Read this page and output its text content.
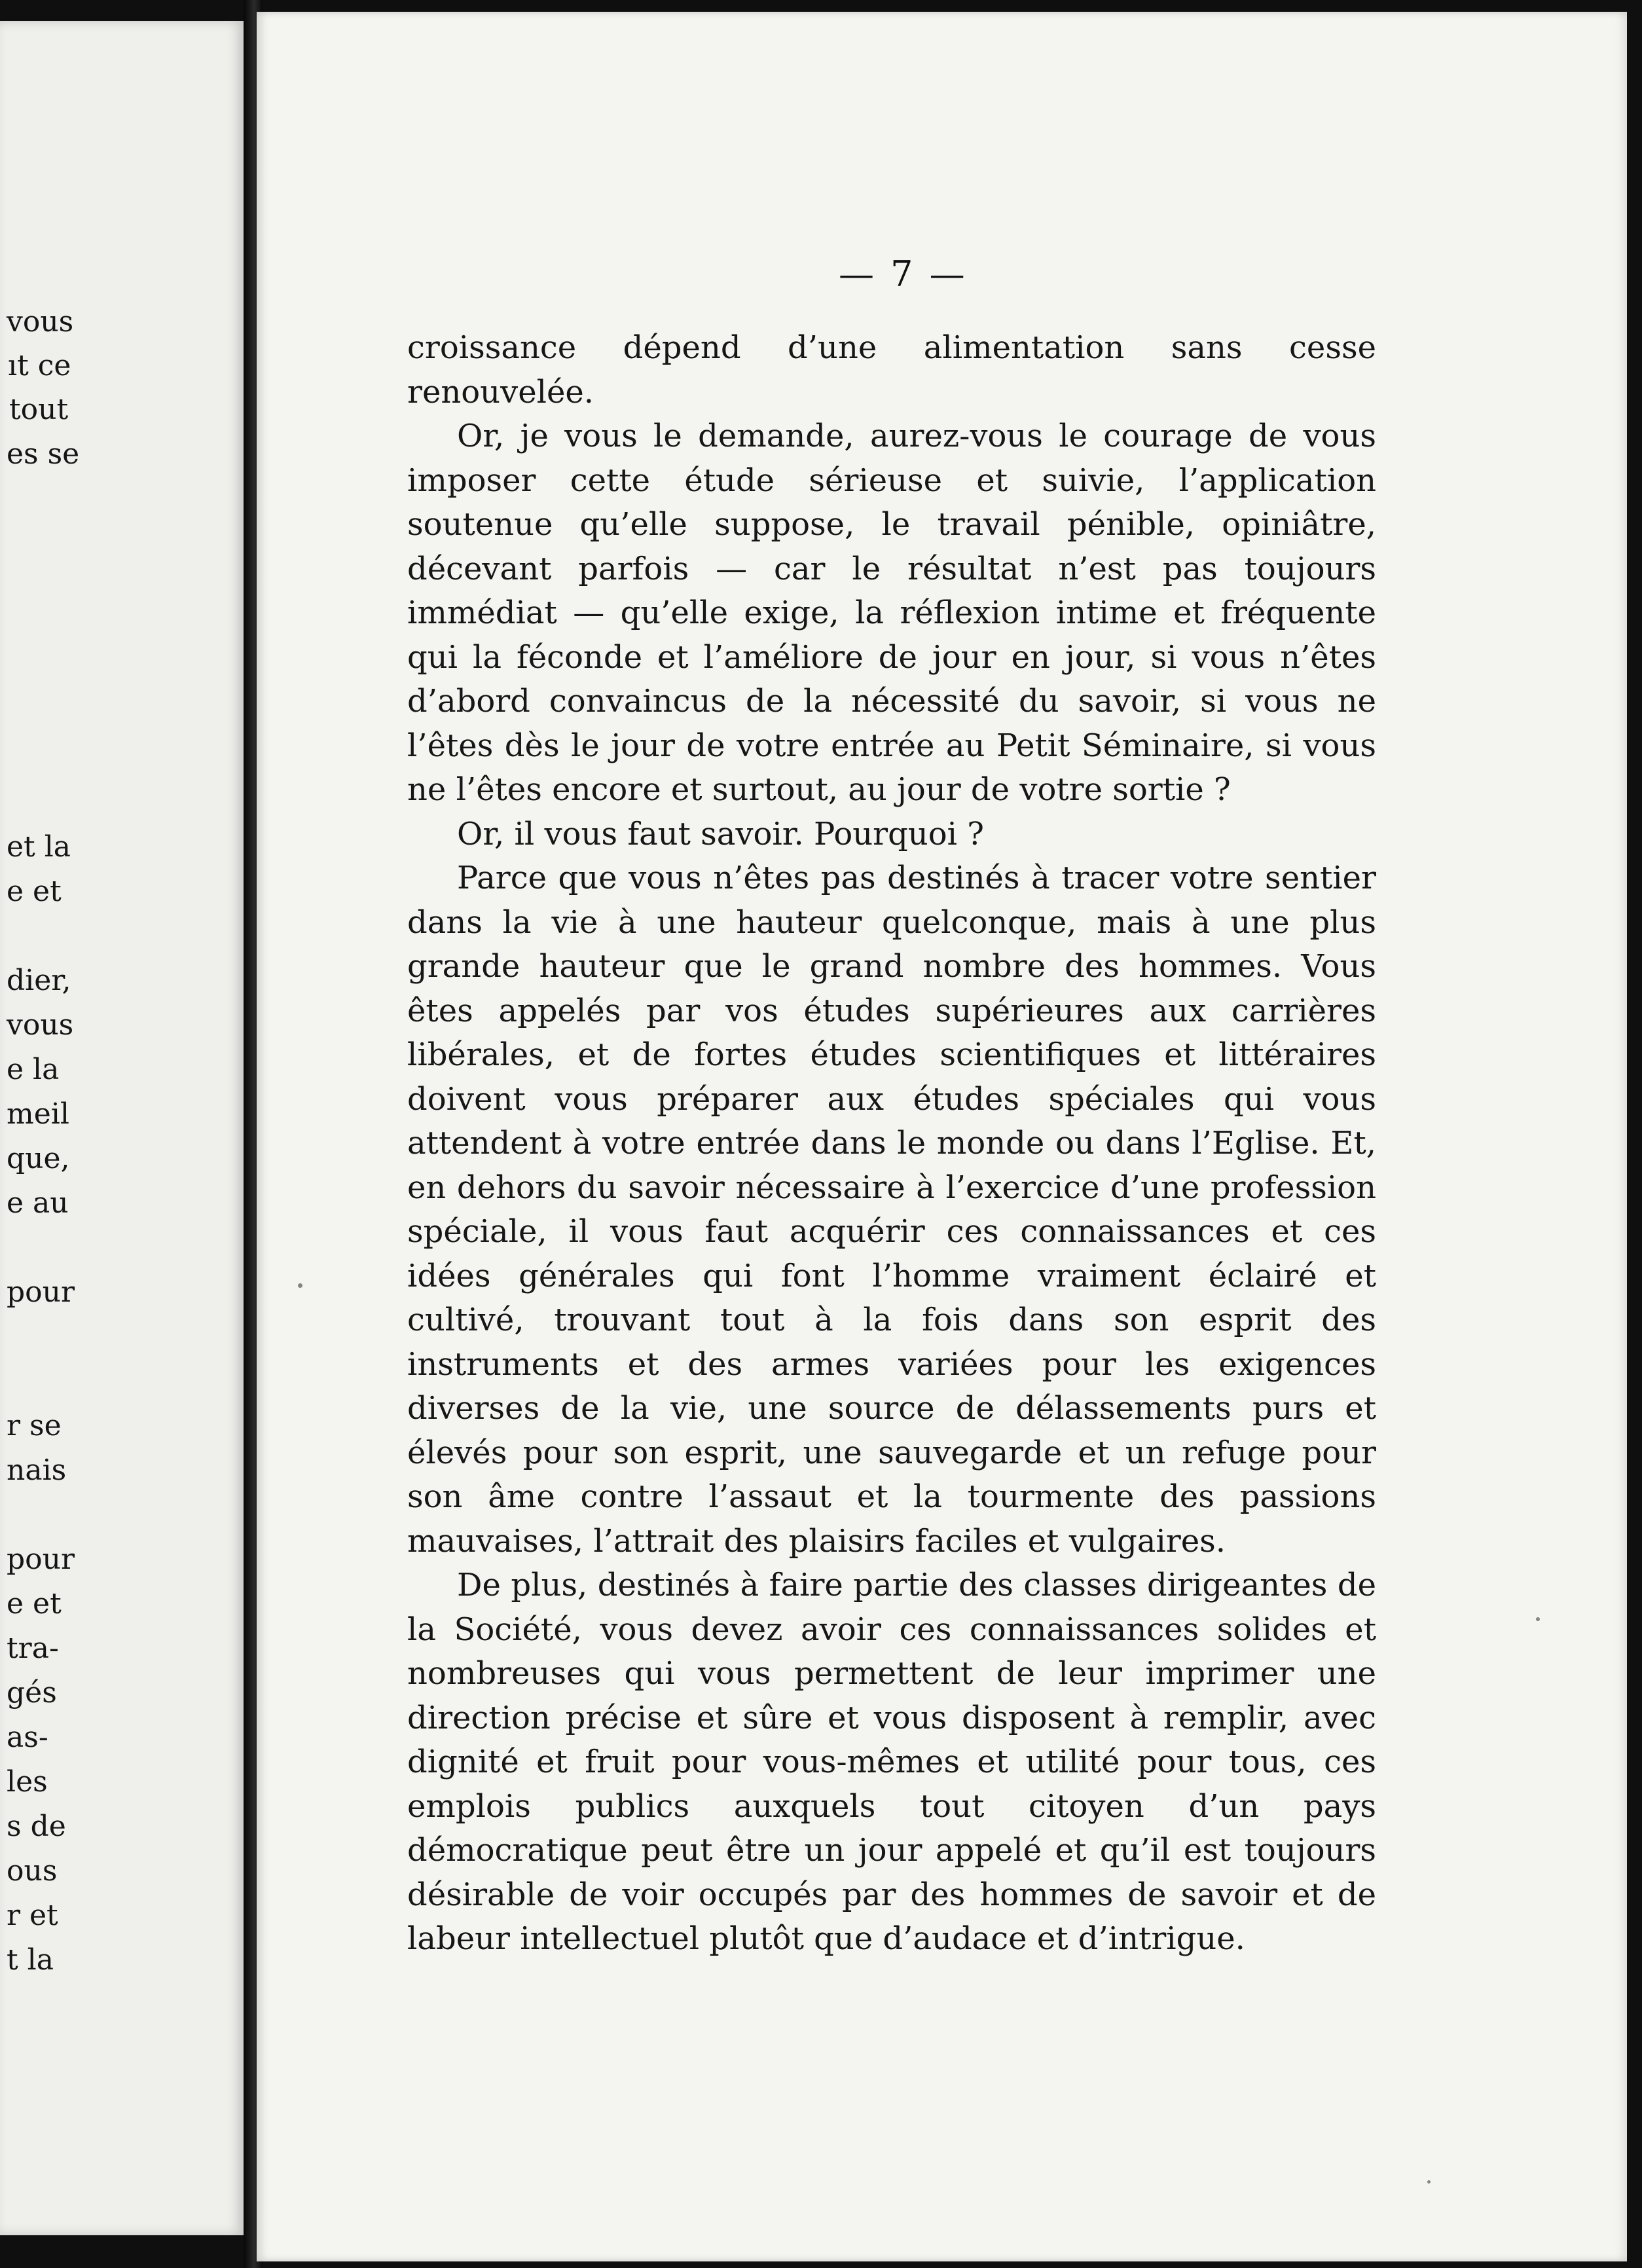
vous
ıt ce
tout
es se
et la
e et
dier,
vous
e la
meil
que,
e au
pour
r se
nais
pour
e et
tra-
gés
as-
les
s de
ous
r et
t la
— 7 —

croissance dépend d’une alimentation sans cesse renouvelée.

Or, je vous le demande, aurez-vous le courage de vous imposer cette étude sérieuse et suivie, l’application soutenue qu’elle suppose, le travail pénible, opiniâtre, décevant parfois — car le résultat n’est pas toujours immédiat — qu’elle exige, la réflexion intime et fréquente qui la féconde et l’améliore de jour en jour, si vous n’êtes d’abord convaincus de la nécessité du savoir, si vous ne l’êtes dès le jour de votre entrée au Petit Séminaire, si vous ne l’êtes encore et surtout, au jour de votre sortie ?

Or, il vous faut savoir. Pourquoi ?

Parce que vous n’êtes pas destinés à tracer votre sentier dans la vie à une hauteur quelconque, mais à une plus grande hauteur que le grand nombre des hommes. Vous êtes appelés par vos études supérieures aux carrières libérales, et de fortes études scientifiques et littéraires doivent vous préparer aux études spéciales qui vous attendent à votre entrée dans le monde ou dans l’Eglise. Et, en dehors du savoir nécessaire à l’exercice d’une profession spéciale, il vous faut acquérir ces connaissances et ces idées générales qui font l’homme vraiment éclairé et cultivé, trouvant tout à la fois dans son esprit des instruments et des armes variées pour les exigences diverses de la vie, une source de délassements purs et élevés pour son esprit, une sauvegarde et un refuge pour son âme contre l’assaut et la tourmente des passions mauvaises, l’attrait des plaisirs faciles et vulgaires.

De plus, destinés à faire partie des classes dirigeantes de la Société, vous devez avoir ces connaissances solides et nombreuses qui vous permettent de leur imprimer une direction précise et sûre et vous disposent à remplir, avec dignité et fruit pour vous-mêmes et utilité pour tous, ces emplois publics auxquels tout citoyen d’un pays démocratique peut être un jour appelé et qu’il est toujours désirable de voir occupés par des hommes de savoir et de labeur intellectuel plutôt que d’audace et d’intrigue.
